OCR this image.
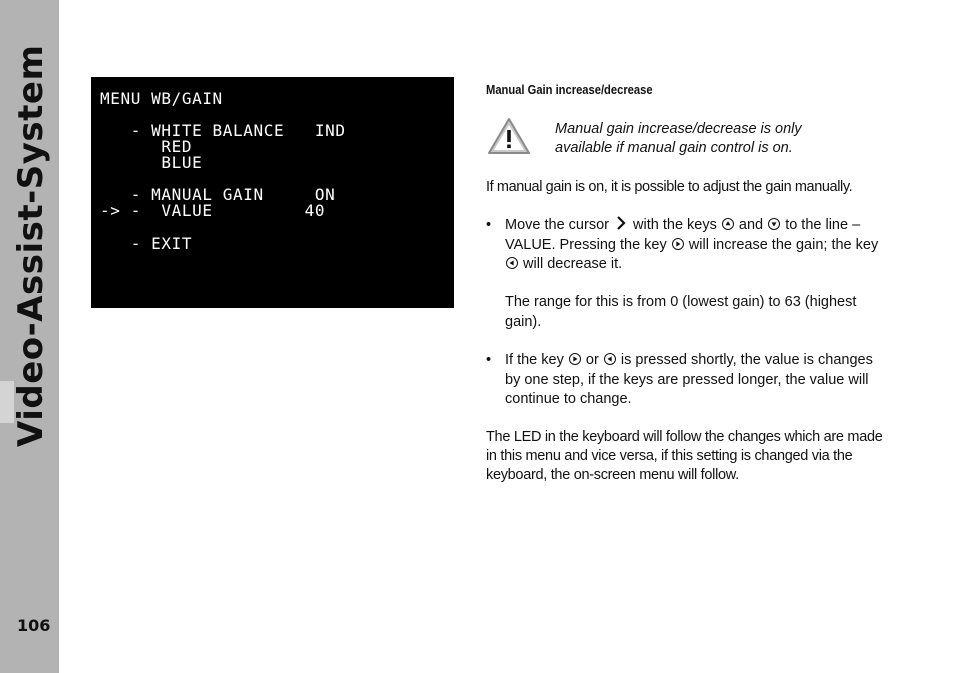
Video-Assist-System
106
MENU WB/GAIN
- WHITE BALANCE   IND
RED
BLUE
- MANUAL GAIN     ON
-> -  VALUE         40
- EXIT
Manual Gain increase/decrease
Manual gain increase/decrease is only available if manual gain control is on.
If manual gain is on, it is possible to adjust the gain manually.
• Move the cursor with the keys and to the line – VALUE. Pressing the key will increase the gain; the key
will decrease it.
The range for this is from 0 (lowest gain) to 63 (highest gain).
• If the key or is pressed shortly, the value is changes by one step, if the keys are pressed longer, the value will continue to change.
The LED in the keyboard will follow the changes which are made in this menu and vice versa, if this setting is changed via the keyboard, the on-screen menu will follow.
